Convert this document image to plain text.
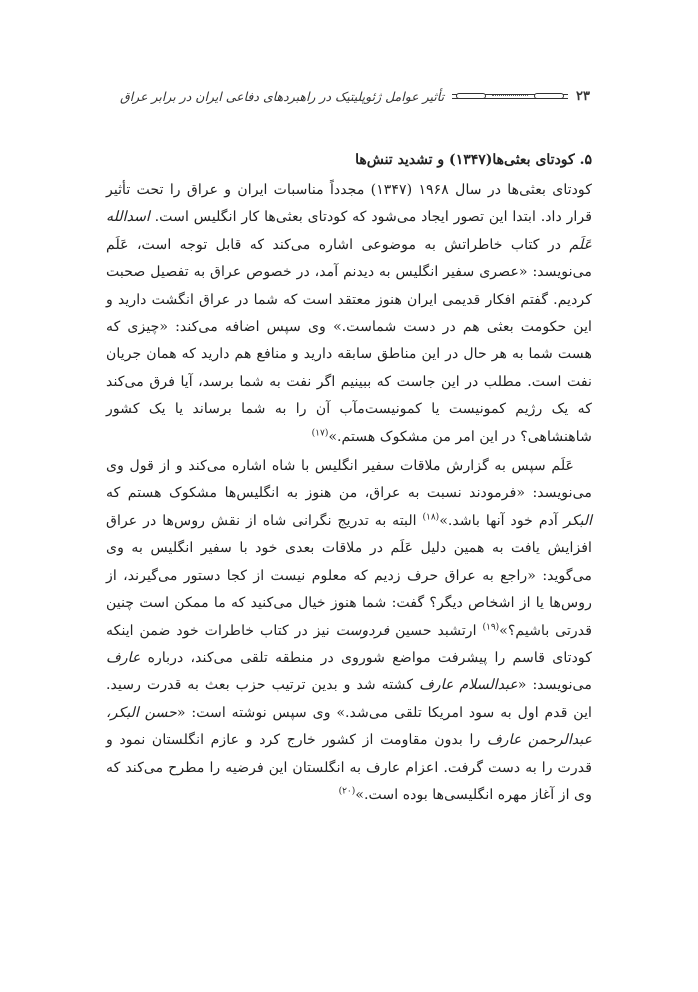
۲۳
تأثیر عوامل ژئوپلیتیک در راهبردهای دفاعی ایران در برابر عراق
۵. کودتای بعثی‌ها(۱۳۴۷) و تشدید تنش‌ها

کودتای بعثی‌ها در سال ۱۹۶۸ (۱۳۴۷) مجدداً مناسبات ایران و عراق را تحت تأثیر قرار داد. ابتدا این تصور ایجاد می‌شود که کودتای بعثی‌ها کار انگلیس است. اسدالله عَلَم در کتاب خاطراتش به موضوعی اشاره می‌کند که قابل توجه است، عَلَم می‌نویسد: «عصری سفیر انگلیس به دیدنم آمد، در خصوص عراق به تفصیل صحبت کردیم. گفتم افکار قدیمی ایران هنوز معتقد است که شما در عراق انگشت دارید و این حکومت بعثی هم در دست شماست.» وی سپس اضافه می‌کند: «چیزی که هست شما به هر حال در این مناطق سابقه دارید و منافع هم دارید که همان جریان نفت است. مطلب در این جاست که ببینیم اگر نفت به شما برسد، آیا فرق می‌کند که یک رژیم کمونیست یا کمونیست‌مآب آن را به شما برساند یا یک کشور شاهنشاهی؟ در این امر من مشکوک هستم.»$^{(۱۷)}$

عَلَم سپس به گزارش ملاقات سفیر انگلیس با شاه اشاره می‌کند و از قول وی می‌نویسد: «فرمودند نسبت به عراق، من هنوز به انگلیس‌ها مشکوک هستم که البکر آدم خود آنها باشد.»$^{(۱۸)}$ البته به تدریج نگرانی شاه از نقش روس‌ها در عراق افزایش یافت به همین دلیل عَلَم در ملاقات بعدی خود با سفیر انگلیس به وی می‌گوید: «راجع به عراق حرف زدیم که معلوم نیست از کجا دستور می‌گیرند، از روس‌ها یا از اشخاص دیگر؟ گفت: شما هنوز خیال می‌کنید که ما ممکن است چنین قدرتی باشیم؟»$^{(۱۹)}$ ارتشبد حسین فردوست نیز در کتاب خاطرات خود ضمن اینکه کودتای قاسم را پیشرفت مواضع شوروی در منطقه تلقی می‌کند، درباره عارف می‌نویسد: «عبدالسلام عارف کشته شد و بدین ترتیب حزب بعث به قدرت رسید. این قدم اول به سود امریکا تلقی می‌شد.» وی سپس نوشته است: «حسن البکر، عبدالرحمن عارف را بدون مقاومت از کشور خارج کرد و عازم انگلستان نمود و قدرت را به دست گرفت. اعزام عارف به انگلستان این فرضیه را مطرح می‌کند که وی از آغاز مهره انگلیسی‌ها بوده است.»$^{(۲۰)}$
